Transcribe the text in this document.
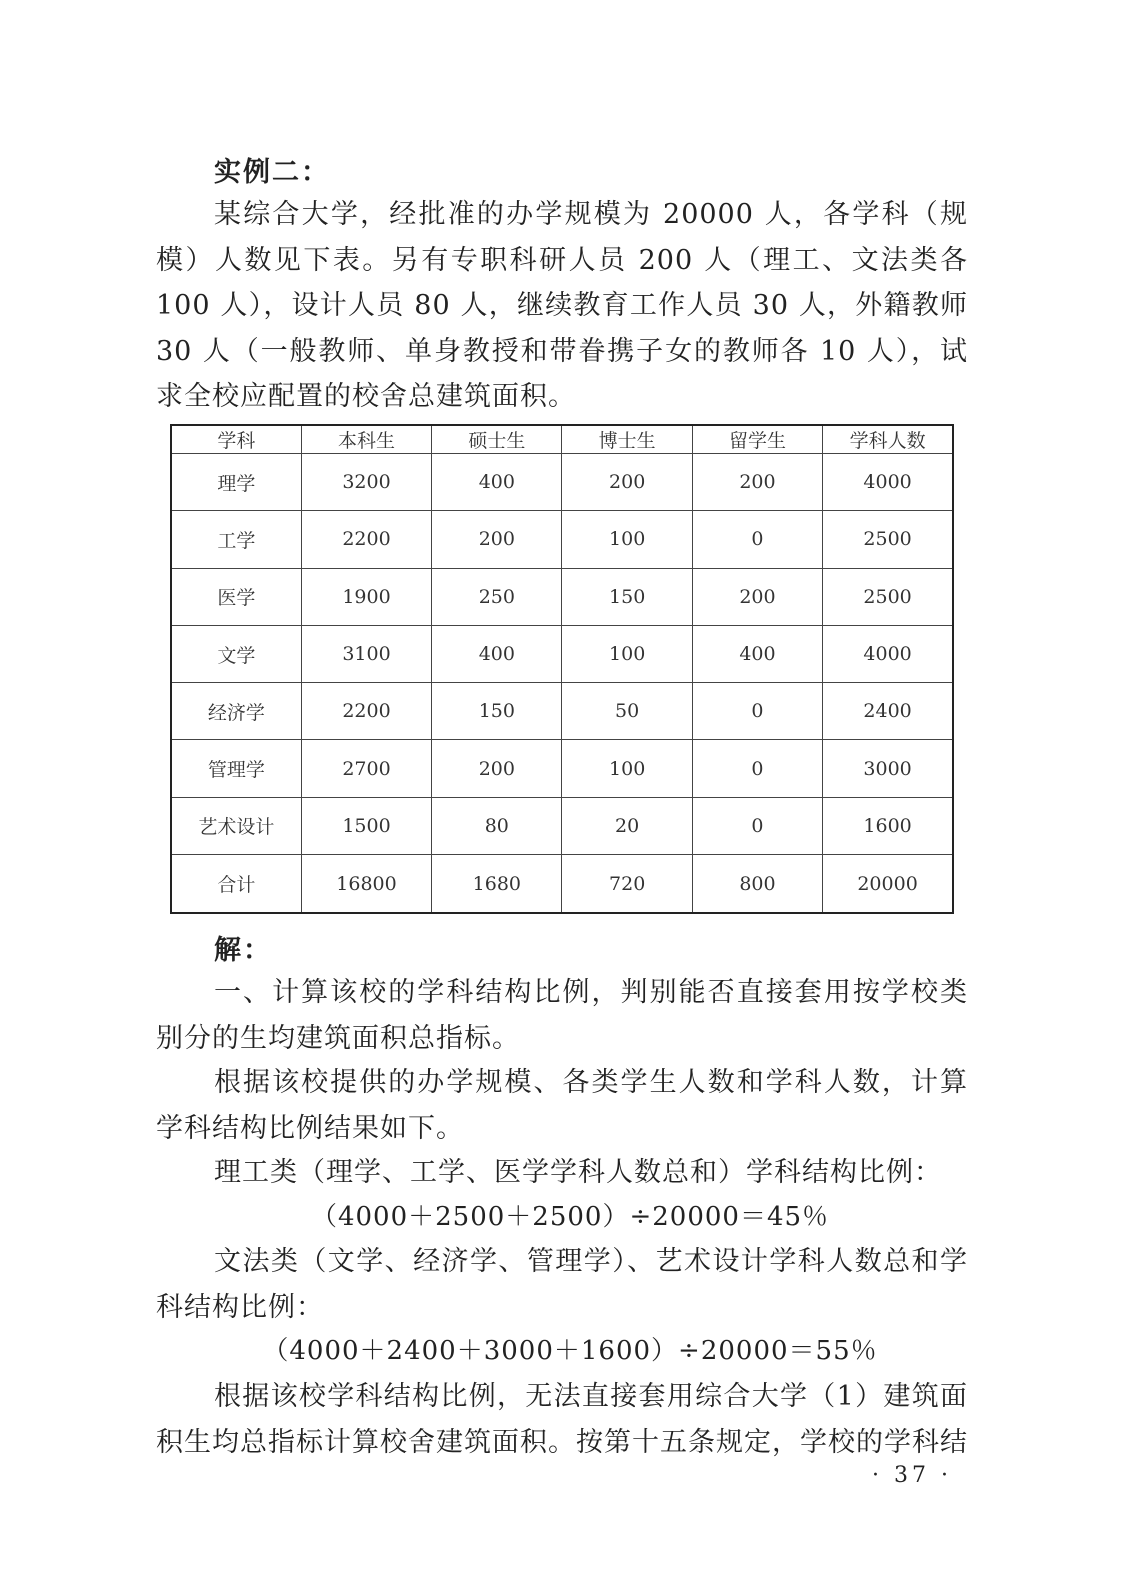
实例二：

某综合大学，经批准的办学规模为 20000 人，各学科（规模）人数见下表。另有专职科研人员 200 人（理工、文法类各 100 人），设计人员 80 人，继续教育工作人员 30 人，外籍教师 30 人（一般教师、单身教授和带眷携子女的教师各 10 人），试求全校应配置的校舍总建筑面积。

学科	本科生	硕士生	博士生	留学生	学科人数
理学	3200	400	200	200	4000
工学	2200	200	100	0	2500
医学	1900	250	150	200	2500
文学	3100	400	100	400	4000
经济学	2200	150	50	0	2400
管理学	2700	200	100	0	3000
艺术设计	1500	80	20	0	1600
合计	16800	1680	720	800	20000
解：

一、计算该校的学科结构比例，判别能否直接套用按学校类别分的生均建筑面积总指标。

根据该校提供的办学规模、各类学生人数和学科人数，计算学科结构比例结果如下。

理工类（理学、工学、医学学科人数总和）学科结构比例：

（4000＋2500＋2500）÷20000＝45％

文法类（文学、经济学、管理学）、艺术设计学科人数总和学科结构比例：

（4000＋2400＋3000＋1600）÷20000＝55％

根据该校学科结构比例，无法直接套用综合大学（1）建筑面积生均总指标计算校舍建筑面积。按第十五条规定，学校的学科结

· 37 ·
